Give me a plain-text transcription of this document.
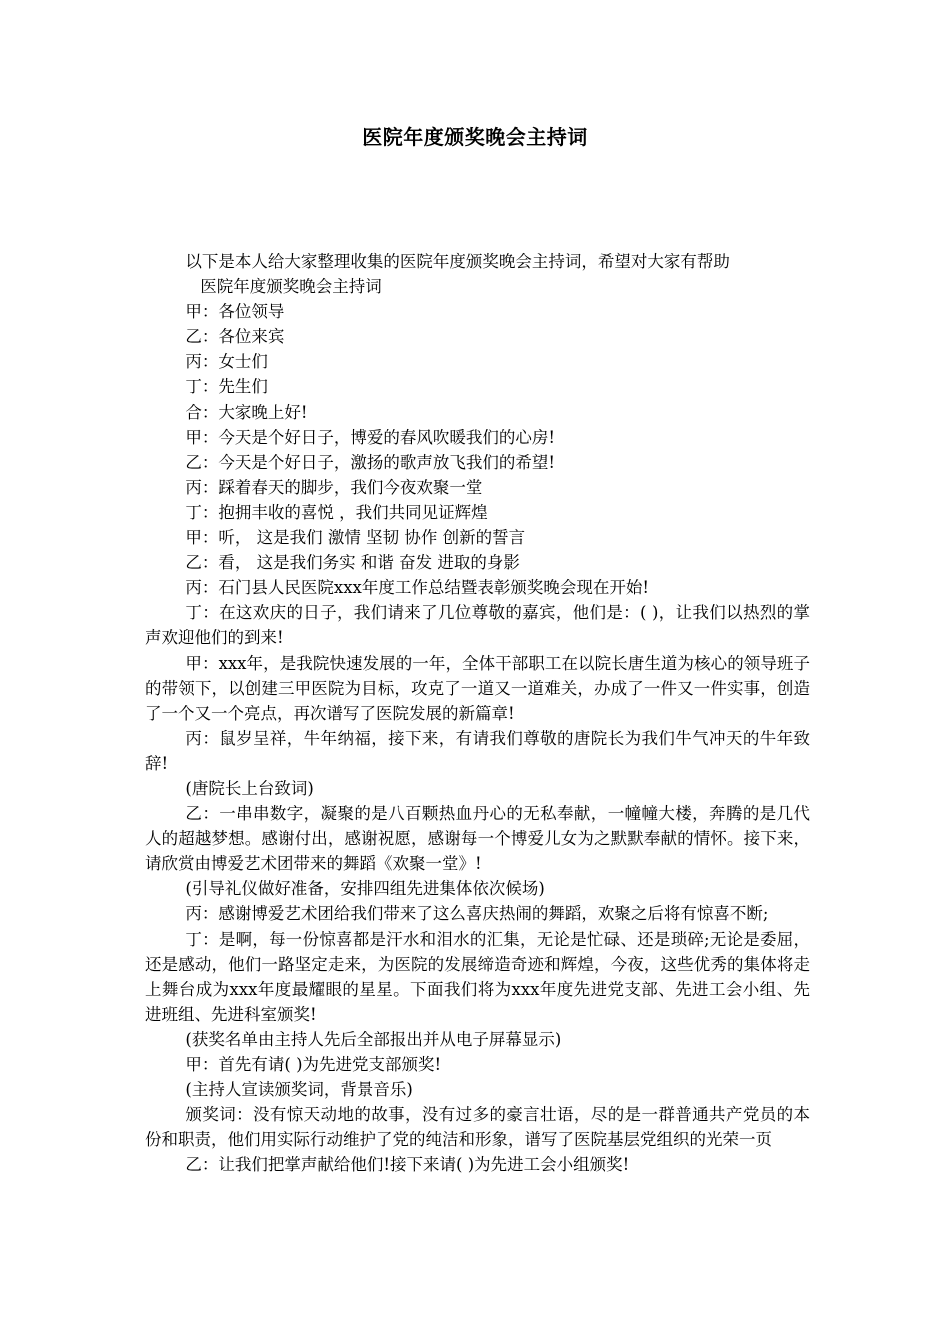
医院年度颁奖晚会主持词

以下是本人给大家整理收集的医院年度颁奖晚会主持词，希望对大家有帮助

医院年度颁奖晚会主持词

甲：各位领导

乙：各位来宾

丙：女士们

丁：先生们

合：大家晚上好!

甲：今天是个好日子，博爱的春风吹暖我们的心房!

乙：今天是个好日子，激扬的歌声放飞我们的希望!

丙：踩着春天的脚步，我们今夜欢聚一堂

丁：抱拥丰收的喜悦 ，我们共同见证辉煌

甲：听， 这是我们 激情 坚韧 协作 创新的誓言

乙：看， 这是我们务实 和谐 奋发 进取的身影

丙：石门县人民医院xxx年度工作总结暨表彰颁奖晚会现在开始!

丁：在这欢庆的日子，我们请来了几位尊敬的嘉宾，他们是：( )，让我们以热烈的掌声欢迎他们的到来!

甲：xxx年，是我院快速发展的一年，全体干部职工在以院长唐生道为核心的领导班子的带领下，以创建三甲医院为目标，攻克了一道又一道难关，办成了一件又一件实事，创造了一个又一个亮点，再次谱写了医院发展的新篇章!

丙：鼠岁呈祥，牛年纳福，接下来，有请我们尊敬的唐院长为我们牛气冲天的牛年致辞!

(唐院长上台致词)

乙：一串串数字，凝聚的是八百颗热血丹心的无私奉献，一幢幢大楼，奔腾的是几代人的超越梦想。感谢付出，感谢祝愿，感谢每一个博爱儿女为之默默奉献的情怀。接下来，请欣赏由博爱艺术团带来的舞蹈《欢聚一堂》!

(引导礼仪做好准备，安排四组先进集体依次候场)

丙：感谢博爱艺术团给我们带来了这么喜庆热闹的舞蹈，欢聚之后将有惊喜不断;

丁：是啊，每一份惊喜都是汗水和泪水的汇集，无论是忙碌、还是琐碎;无论是委屈，还是感动，他们一路坚定走来，为医院的发展缔造奇迹和辉煌，今夜，这些优秀的集体将走上舞台成为xxx年度最耀眼的星星。下面我们将为xxx年度先进党支部、先进工会小组、先进班组、先进科室颁奖!

(获奖名单由主持人先后全部报出并从电子屏幕显示)

甲：首先有请( )为先进党支部颁奖!

(主持人宣读颁奖词，背景音乐)

颁奖词：没有惊天动地的故事，没有过多的豪言壮语，尽的是一群普通共产党员的本份和职责，他们用实际行动维护了党的纯洁和形象，谱写了医院基层党组织的光荣一页

乙：让我们把掌声献给他们!接下来请( )为先进工会小组颁奖!
